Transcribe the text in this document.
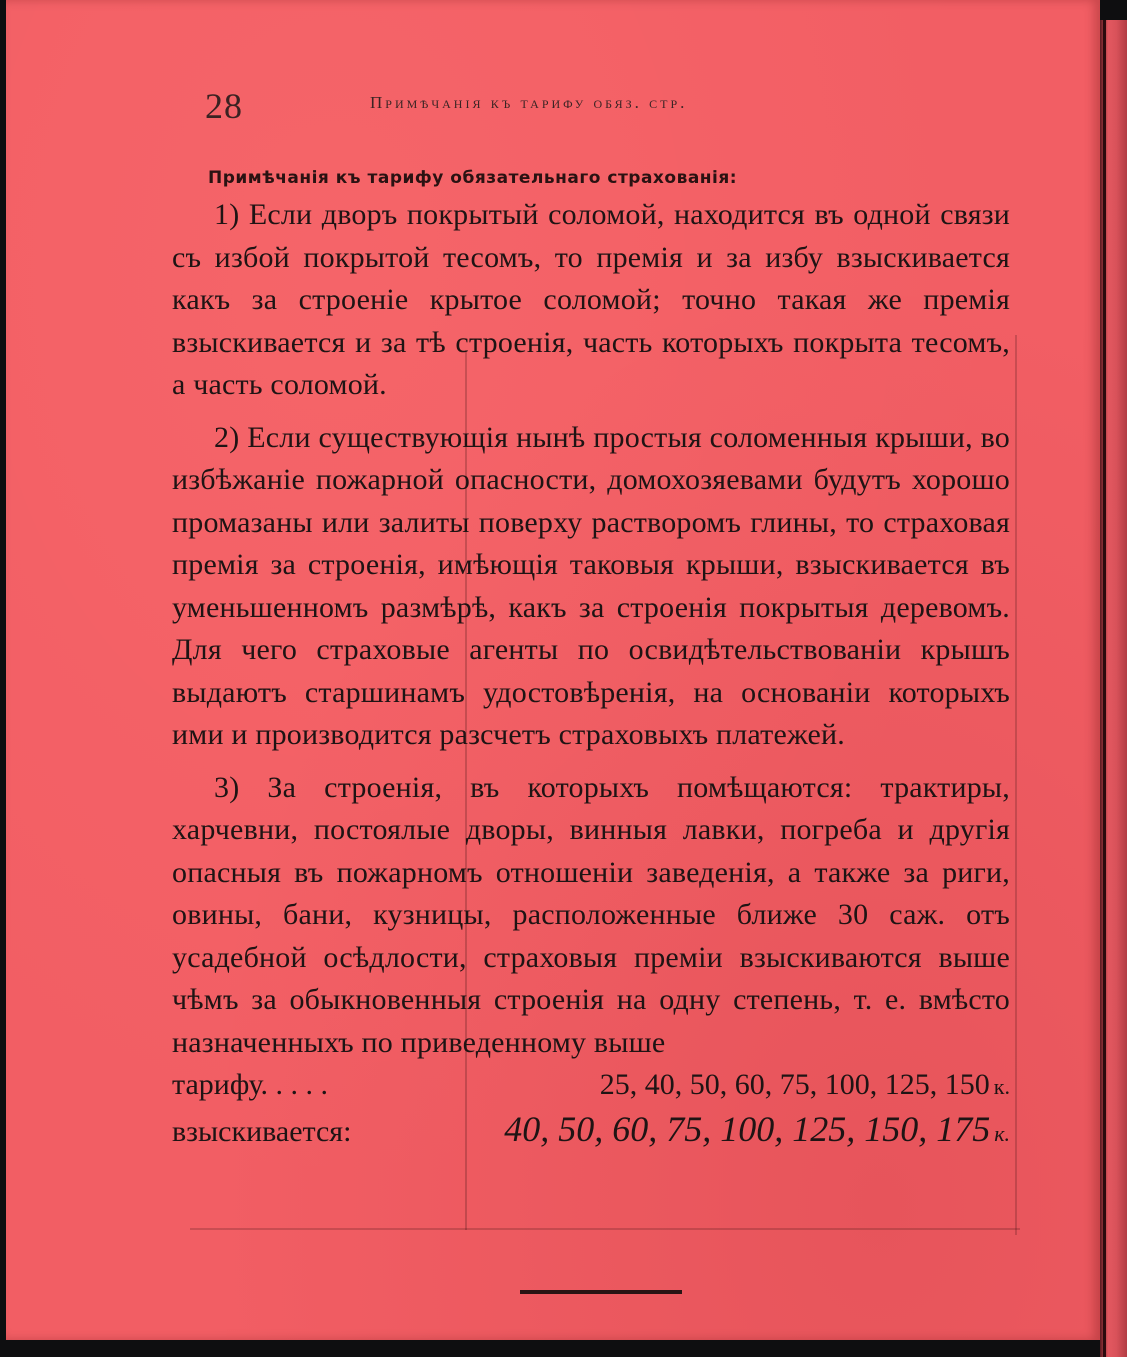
28	Примѣчанія къ тарифу обяз. стр.
Примѣчанія къ тарифу обязательнаго страхованія:

1) Если дворъ покрытый соломой, находится въ одной связи съ избой покрытой тесомъ, то премія и за избу взыскивается какъ за строеніе крытое соломой; точно такая же премія взыскивается и за тѣ строенія, часть которыхъ покрыта тесомъ, а часть соломой.

2) Если существующія нынѣ простыя соломенныя крыши, во избѣжаніе пожарной опасности, домохозяевами будутъ хорошо промазаны или залиты поверху растворомъ глины, то страховая премія за строенія, имѣющія таковыя крыши, взыскивается въ уменьшенномъ размѣрѣ, какъ за строенія покрытыя деревомъ. Для чего страховые агенты по освидѣтельствованіи крышъ выдаютъ старшинамъ удостовѣренія, на основаніи которыхъ ими и производится разсчетъ страховыхъ платежей.

3) За строенія, въ которыхъ помѣщаются: трактиры, харчевни, постоялые дворы, винныя лавки, погреба и другія опасныя въ пожарномъ отношеніи заведенія, а также за риги, овины, бани, кузницы, расположенные ближе 30 саж. отъ усадебной осѣдлости, страховыя преміи взыскиваются выше чѣмъ за обыкновенныя строенія на одну степень, т. е. вмѣсто назначенныхъ по приведенному выше

тарифу. . . . .	25, 40, 50, 60, 75, 100, 125, 150 к.
взыскивается:	40, 50, 60, 75, 100, 125, 150, 175 к.
